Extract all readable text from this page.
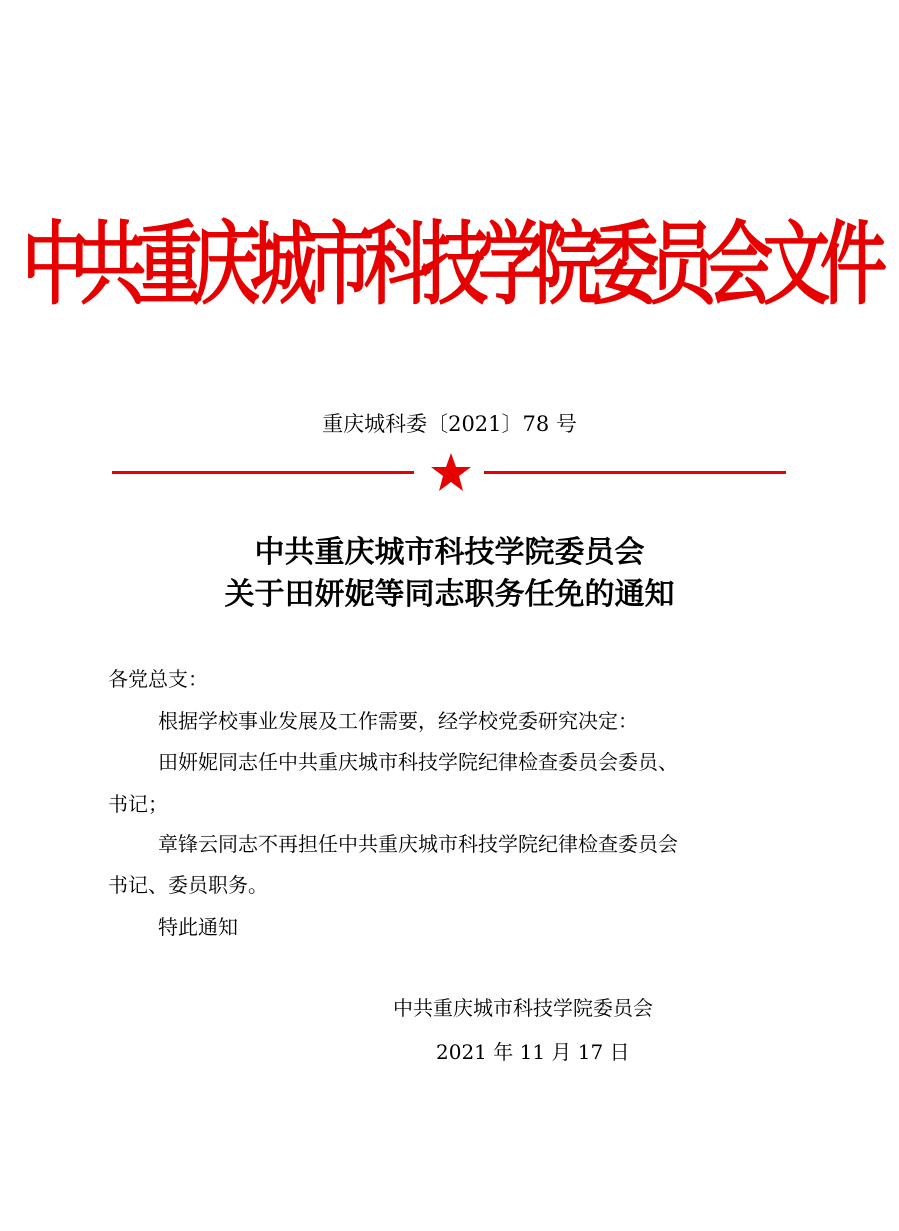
中共重庆城市科技学院委员会文件
重庆城科委〔2021〕78 号
中共重庆城市科技学院委员会
关于田妍妮等同志职务任免的通知
各党总支：
根据学校事业发展及工作需要，经学校党委研究决定：
田妍妮同志任中共重庆城市科技学院纪律检查委员会委员、
书记；
章锋云同志不再担任中共重庆城市科技学院纪律检查委员会
书记、委员职务。
特此通知
中共重庆城市科技学院委员会
2021 年 11 月 17 日
